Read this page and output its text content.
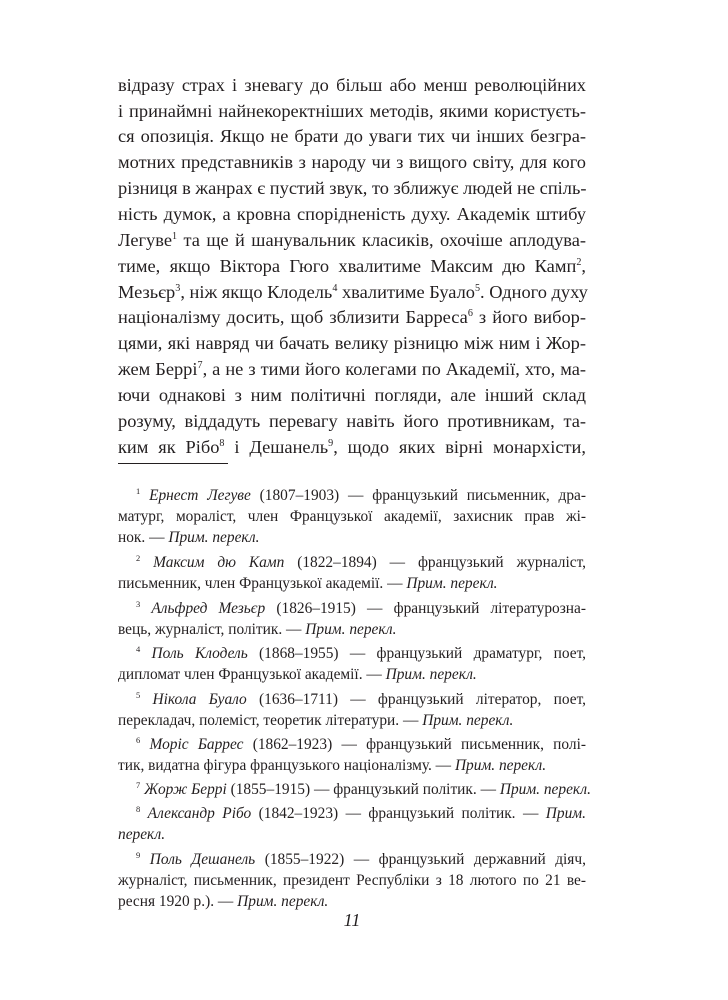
відразу страх і зневагу до більш або менш революційних
і принаймні найнекоректніших методів, якими користуєть-
ся опозиція. Якщо не брати до уваги тих чи інших безгра-
мотних представників з народу чи з вищого світу, для кого
різниця в жанрах є пустий звук, то зближує людей не спіль-
ність думок, а кровна спорідненість духу. Академік штибу
Легуве$^1$ та ще й шанувальник класиків, охочіше аплодува-
тиме, якщо Віктора Гюго хвалитиме Максим дю Камп$^2$,
Мезьєр$^3$, ніж якщо Клодель$^4$ хвалитиме Буало$^5$. Одного духу
націоналізму досить, щоб зблизити Барреса$^6$ з його вибор-
цями, які навряд чи бачать велику різницю між ним і Жор-
жем Беррі$^7$, а не з тими його колегами по Академії, хто, ма-
ючи однакові з ним політичні погляди, але інший склад
розуму, віддадуть перевагу навіть його противникам, та-
ким як Рібо$^8$ і Дешанель$^9$, щодо яких вірні монархісти,
$^1$ Ернест Легуве (1807–1903) — французький письменник, дра-
матург, мораліст, член Французької академії, захисник прав жі-
нок. — Прим. перекл.
$^2$ Максим дю Камп (1822–1894) — французький журналіст,
письменник, член Французької академії. — Прим. перекл.
$^3$ Альфред Мезьєр (1826–1915) — французький літературозна-
вець, журналіст, політик. — Прим. перекл.
$^4$ Поль Клодель (1868–1955) — французький драматург, поет,
дипломат член Французької академії. — Прим. перекл.
$^5$ Нікола Буало (1636–1711) — французький літератор, поет,
перекладач, полеміст, теоретик літератури. — Прим. перекл.
$^6$ Моріс Баррес (1862–1923) — французький письменник, полі-
тик, видатна фігура французького націоналізму. — Прим. перекл.
$^7$ Жорж Беррі (1855–1915) — французький політик. — Прим. перекл.
$^8$ Александр Рібо (1842–1923) — французький політик. — Прим.
перекл.
$^9$ Поль Дешанель (1855–1922) — французький державний діяч,
журналіст, письменник, президент Республіки з 18 лютого по 21 ве-
ресня 1920 р.). — Прим. перекл.
11
